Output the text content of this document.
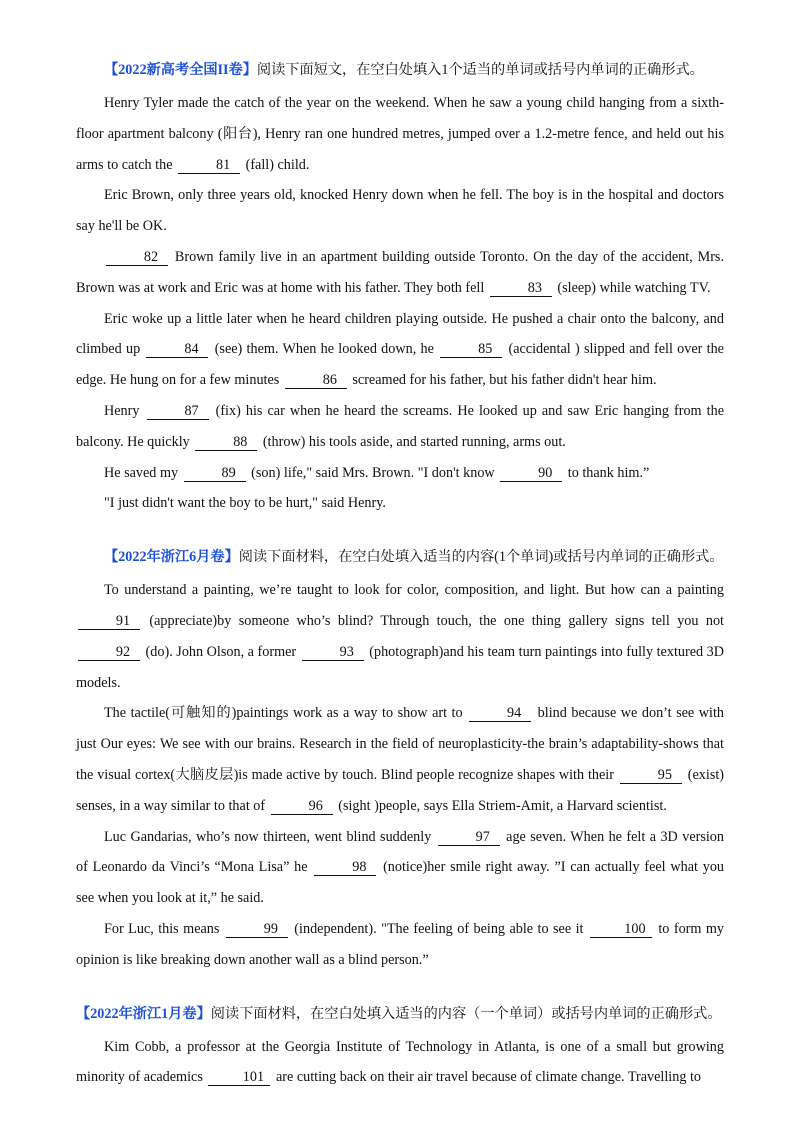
【2022新高考全国II卷】阅读下面短文，在空白处填入1个适当的单词或括号内单词的正确形式。

Henry Tyler made the catch of the year on the weekend. When he saw a young child hanging from a sixth-floor apartment balcony (阳台), Henry ran one hundred metres, jumped over a 1.2-metre fence, and held out his arms to catch the	81 (fall) child.

Eric Brown, only three years old, knocked Henry down when he fell. The boy is in the hospital and doctors say he'll be OK.

82 Brown family live in an apartment building outside Toronto. On the day of the accident, Mrs. Brown was at work and Eric was at home with his father. They both fell	83 (sleep) while watching TV.

Eric woke up a little later when he heard children playing outside. He pushed a chair onto the balcony, and climbed up	84 (see) them. When he looked down, he	85 (accidental ) slipped and fell over the edge. He hung on for a few minutes	86 screamed for his father, but his father didn't hear him.

Henry	87 (fix) his car when he heard the screams. He looked up and saw Eric hanging from the balcony. He quickly	88 (throw) his tools aside, and started running, arms out.

He saved my	89 (son) life," said Mrs. Brown. "I don't know	90 to thank him.”

"I just didn't want the boy to be hurt," said Henry.

【2022年浙江6月卷】阅读下面材料，在空白处填入适当的内容(1个单词)或括号内单词的正确形式。

To understand a painting, we’re taught to look for color, composition, and light. But how can a painting 91 (appreciate)by someone who’s blind? Through touch, the one thing gallery signs tell you not 92 (do). John Olson, a former	93 (photograph)and his team turn paintings into fully textured 3D models.

The tactile(可触知的)paintings work as a way to show art to	94 blind because we don’t see with just Our eyes: We see with our brains. Research in the field of neuroplasticity-the brain’s adaptability-shows that the visual cortex(大脑皮层)is made active by touch. Blind people recognize shapes with their	95 (exist) senses, in a way similar to that of	96 (sight )people, says Ella Striem-Amit, a Harvard scientist.

Luc Gandarias, who’s now thirteen, went blind suddenly	97 age seven. When he felt a 3D version of Leonardo da Vinci’s “Mona Lisa” he	98 (notice)her smile right away. ”I can actually feel what you see when you look at it,” he said.

For Luc, this means	99 (independent). "The feeling of being able to see it	100 to form my opinion is like breaking down another wall as a blind person.”

【2022年浙江1月卷】阅读下面材料，在空白处填入适当的内容（一个单词）或括号内单词的正确形式。

Kim Cobb, a professor at the Georgia Institute of Technology in Atlanta, is one of a small but growing minority of academics	101 are cutting back on their air travel because of climate change. Travelling to
